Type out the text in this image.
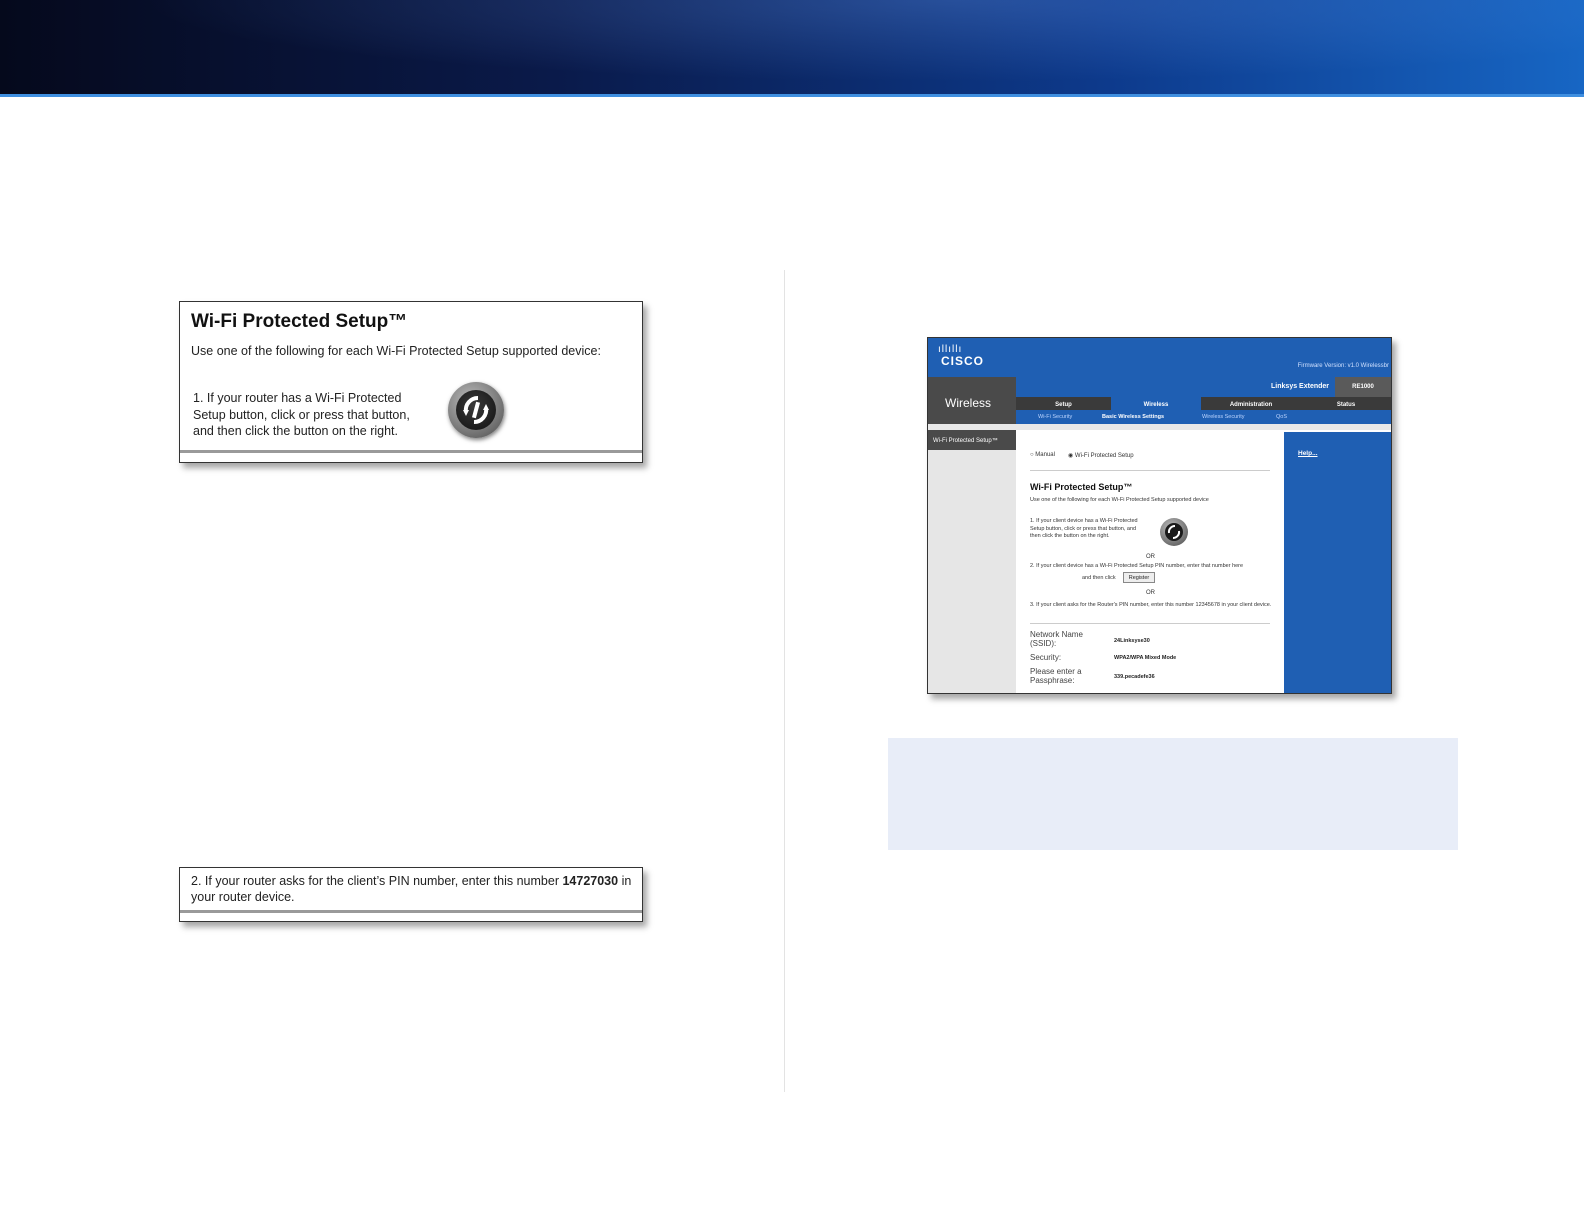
Wi-Fi Protected Setup™
Use one of the following for each Wi-Fi Protected Setup supported device:
1. If your router has a Wi-Fi Protected Setup button, click or press that button, and then click the button on the right.
2. If your router asks for the client’s PIN number, enter this number 14727030 in your router device.
ıllıllı
CISCO	Firmware Version: v1.0 Wirelessbr
Wireless
Linksys Extender	RE1000
Setup	Wireless	Administration	Status
Wi-Fi Security	Basic Wireless Settings	Wireless Security	QoS
Wi-Fi Protected Setup™
○ Manual ◉ Wi-Fi Protected Setup
Wi-Fi Protected Setup™
Use one of the following for each Wi-Fi Protected Setup supported device
1. If your client device has a Wi-Fi Protected Setup button, click or press that button, and then click the button on the right.
OR
2. If your client device has a Wi-Fi Protected Setup PIN number, enter that number here
and then click	Register
OR
3. If your client asks for the Router's PIN number, enter this number 12345678 in your client device.
Network Name (SSID):	24Linksyse30
Security:	WPA2/WPA Mixed Mode
Please enter a Passphrase:	339.pecadefe36
Help...
